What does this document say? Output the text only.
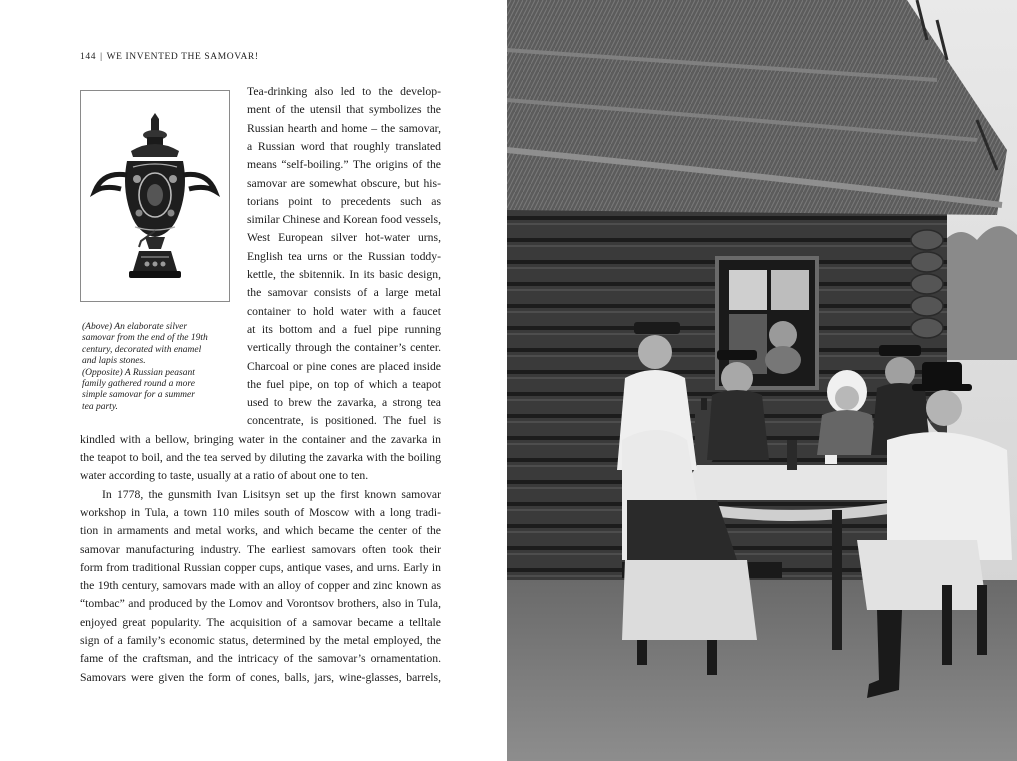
144 | WE INVENTED THE SAMOVAR!
(Above) An elaborate silver
samovar from the end of the 19th
century, decorated with enamel
and lapis stones.
(Opposite) A Russian peasant
family gathered round a more
simple samovar for a summer
tea party.
Tea-drinking also led to the develop-
ment of the utensil that symbolizes the
Russian hearth and home – the samovar,
a Russian word that roughly translated
means “self-boiling.” The origins of the
samovar are somewhat obscure, but his-
torians point to precedents such as
similar Chinese and Korean food vessels,
West European silver hot-water urns,
English tea urns or the Russian toddy-
kettle, the sbitennik. In its basic design,
the samovar consists of a large metal
container to hold water with a faucet
at its bottom and a fuel pipe running
vertically through the container’s center.
Charcoal or pine cones are placed inside
the fuel pipe, on top of which a teapot
used to brew the zavarka, a strong tea
concentrate, is positioned. The fuel is
kindled with a bellow, bringing water in the container and the zavarka in
the teapot to boil, and the tea served by diluting the zavarka with the boiling
water according to taste, usually at a ratio of about one to ten.
In 1778, the gunsmith Ivan Lisitsyn set up the first known samovar
workshop in Tula, a town 110 miles south of Moscow with a long tradi-
tion in armaments and metal works, and which became the center of the
samovar manufacturing industry. The earliest samovars often took their
form from traditional Russian copper cups, antique vases, and urns. Early in
the 19th century, samovars made with an alloy of copper and zinc known as
“tombac” and produced by the Lomov and Vorontsov brothers, also in Tula,
enjoyed great popularity. The acquisition of a samovar became a telltale
sign of a family’s economic status, determined by the metal employed, the
fame of the craftsman, and the intricacy of the samovar’s ornamentation.
Samovars were given the form of cones, balls, jars, wine-glasses, barrels,
